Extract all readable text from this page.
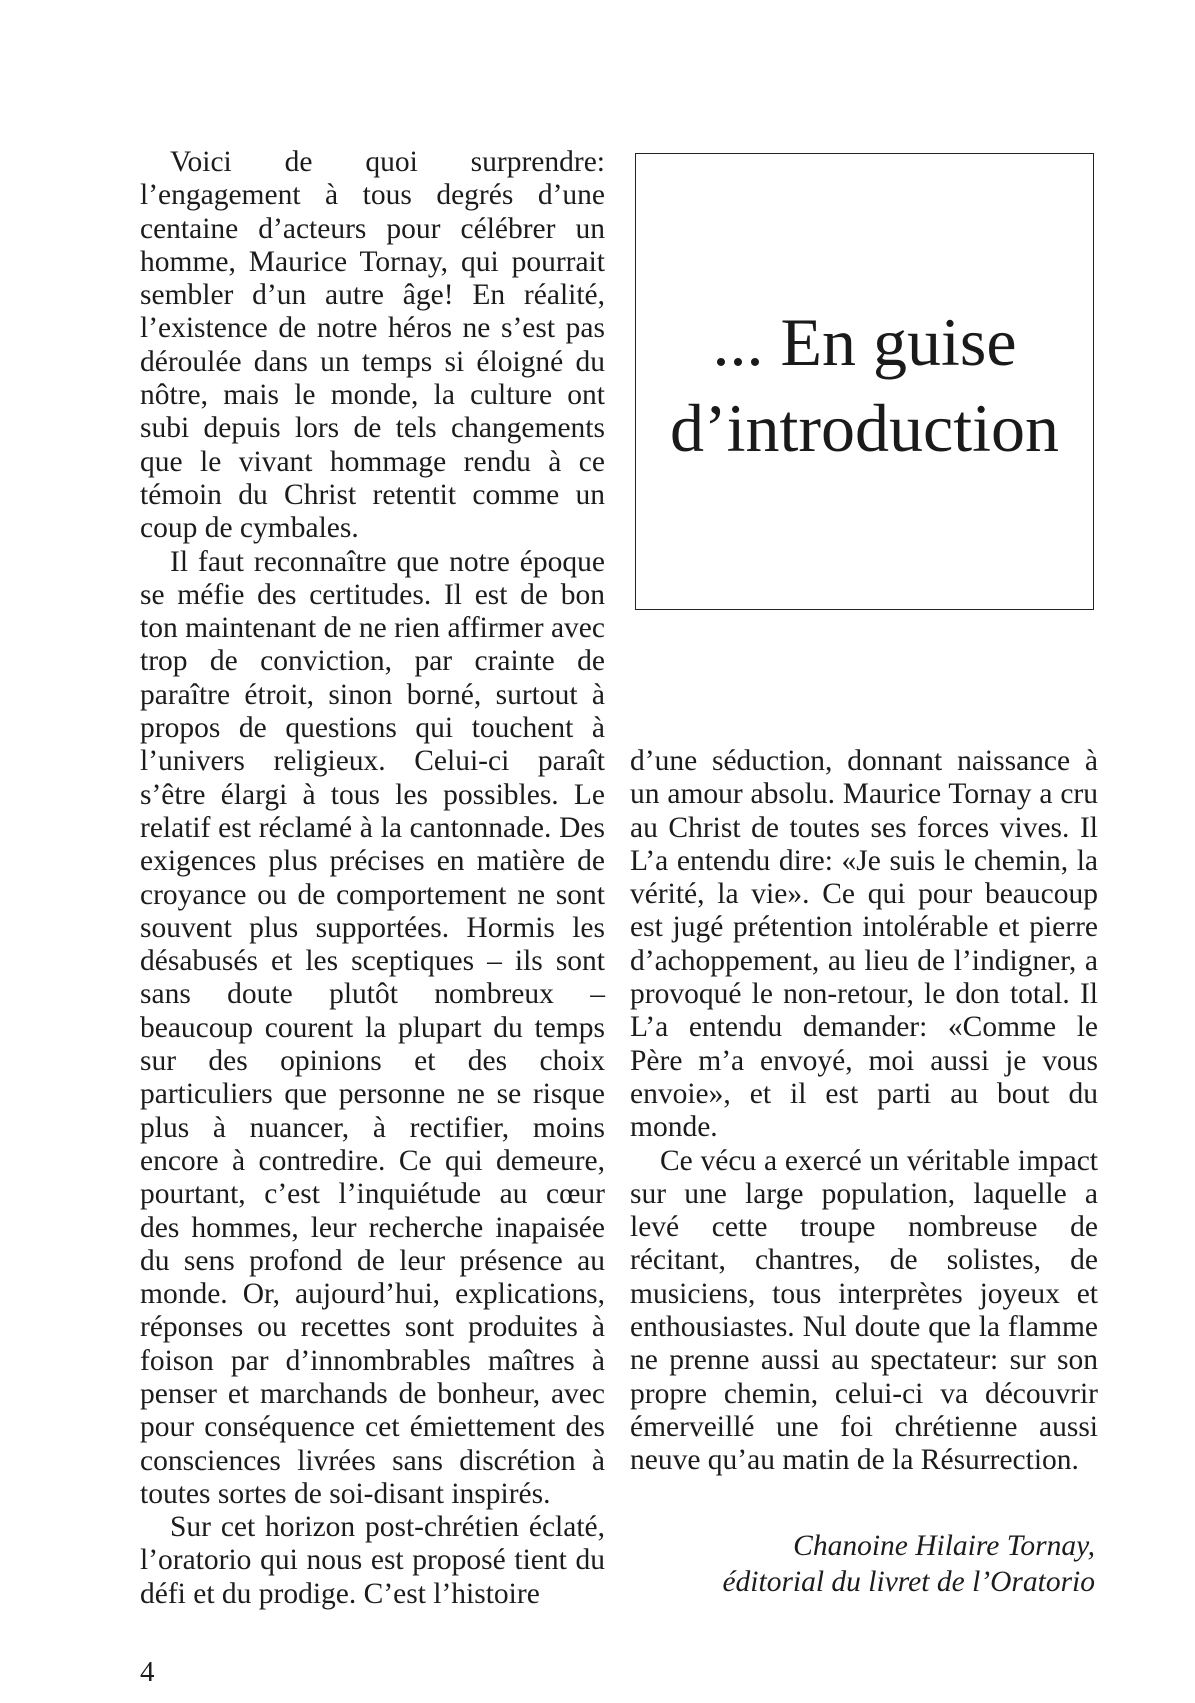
Voici de quoi surprendre: l’engagement à tous degrés d’une centaine d’acteurs pour célébrer un homme, Maurice Tornay, qui pourrait sembler d’un autre âge! En réalité, l’existence de notre héros ne s’est pas déroulée dans un temps si éloigné du nôtre, mais le monde, la culture ont subi depuis lors de tels changements que le vivant hommage rendu à ce témoin du Christ retentit comme un coup de cymbales.

Il faut reconnaître que notre époque se méfie des certitudes. Il est de bon ton maintenant de ne rien affirmer avec trop de conviction, par crainte de paraître étroit, sinon borné, surtout à propos de questions qui touchent à l’univers religieux. Celui-ci paraît s’être élargi à tous les possibles. Le relatif est réclamé à la cantonnade. Des exigences plus précises en matière de croyance ou de comportement ne sont souvent plus supportées. Hormis les désabusés et les sceptiques – ils sont sans doute plutôt nombreux – beaucoup courent la plupart du temps sur des opinions et des choix particuliers que personne ne se risque plus à nuancer, à rectifier, moins encore à contredire. Ce qui demeure, pourtant, c’est l’inquiétude au cœur des hommes, leur recherche inapaisée du sens profond de leur présence au monde. Or, aujourd’hui, explications, réponses ou recettes sont produites à foison par d’innombrables maîtres à penser et marchands de bonheur, avec pour conséquence cet émiettement des consciences livrées sans discrétion à toutes sortes de soi-disant inspirés.

Sur cet horizon post-chrétien éclaté, l’oratorio qui nous est proposé tient du défi et du prodige. C’est l’histoire

... En guise
d’introduction

d’une séduction, donnant naissance à un amour absolu. Maurice Tornay a cru au Christ de toutes ses forces vives. Il L’a entendu dire: «Je suis le chemin, la vérité, la vie». Ce qui pour beaucoup est jugé prétention intolérable et pierre d’achoppement, au lieu de l’indigner, a provoqué le non-retour, le don total. Il L’a entendu demander: «Comme le Père m’a envoyé, moi aussi je vous envoie», et il est parti au bout du monde.

Ce vécu a exercé un véritable impact sur une large population, laquelle a levé cette troupe nombreuse de récitant, chantres, de solistes, de musiciens, tous interprètes joyeux et enthousiastes. Nul doute que la flamme ne prenne aussi au spectateur: sur son propre chemin, celui-ci va découvrir émerveillé une foi chrétienne aussi neuve qu’au matin de la Résurrection.

Chanoine Hilaire Tornay,
éditorial du livret de l’Oratorio
4
